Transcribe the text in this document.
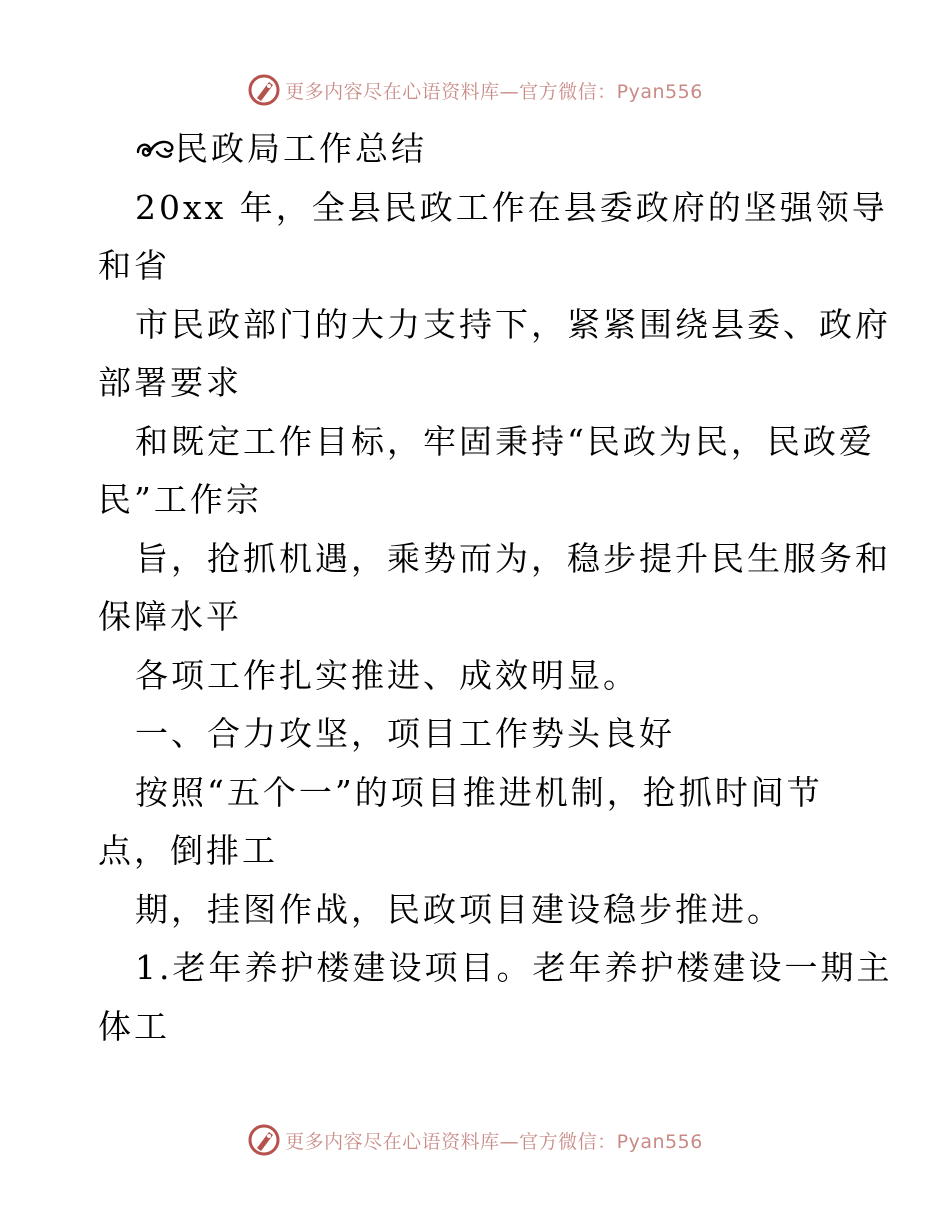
更多内容尽在心语资料库—官方微信：Pyan556
民政局工作总结
20xx 年，全县民政工作在县委政府的坚强领导
和省
市民政部门的大力支持下，紧紧围绕县委、政府
部署要求
和既定工作目标，牢固秉持“民政为民，民政爱
民”工作宗
旨，抢抓机遇，乘势而为，稳步提升民生服务和
保障水平
各项工作扎实推进、成效明显。
一、合力攻坚，项目工作势头良好
按照“五个一”的项目推进机制，抢抓时间节
点，倒排工
期，挂图作战，民政项目建设稳步推进。
1.老年养护楼建设项目。老年养护楼建设一期主
体工
更多内容尽在心语资料库—官方微信：Pyan556
